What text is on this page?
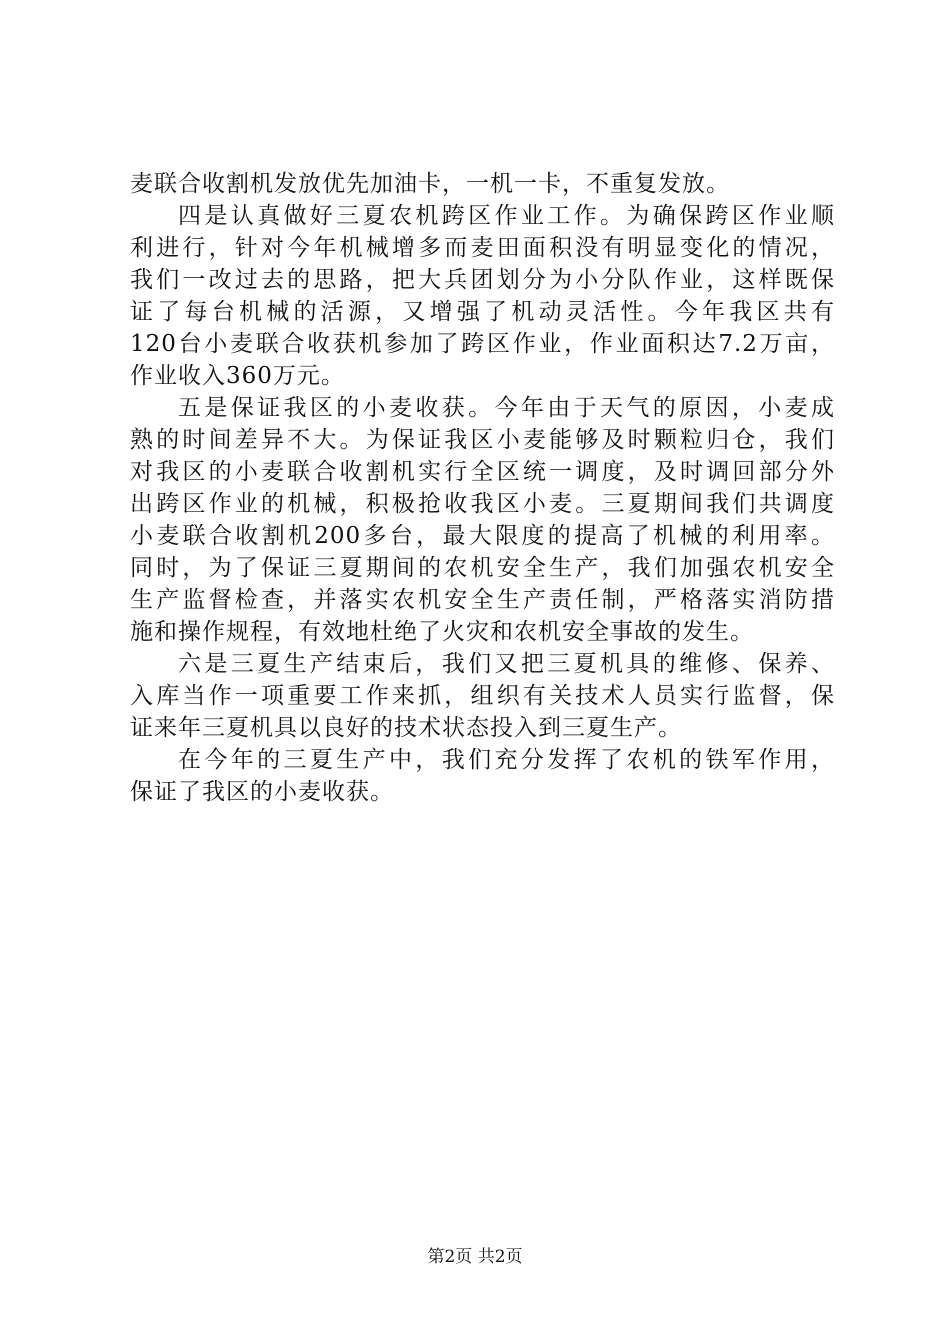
麦联合收割机发放优先加油卡，一机一卡，不重复发放。
四是认真做好三夏农机跨区作业工作。为确保跨区作业顺
利进行，针对今年机械增多而麦田面积没有明显变化的情况，
我们一改过去的思路，把大兵团划分为小分队作业，这样既保
证了每台机械的活源，又增强了机动灵活性。今年我区共有
120台小麦联合收获机参加了跨区作业，作业面积达7.2万亩，
作业收入360万元。
五是保证我区的小麦收获。今年由于天气的原因，小麦成
熟的时间差异不大。为保证我区小麦能够及时颗粒归仓，我们
对我区的小麦联合收割机实行全区统一调度，及时调回部分外
出跨区作业的机械，积极抢收我区小麦。三夏期间我们共调度
小麦联合收割机200多台，最大限度的提高了机械的利用率。
同时，为了保证三夏期间的农机安全生产，我们加强农机安全
生产监督检查，并落实农机安全生产责任制，严格落实消防措
施和操作规程，有效地杜绝了火灾和农机安全事故的发生。
六是三夏生产结束后，我们又把三夏机具的维修、保养、
入库当作一项重要工作来抓，组织有关技术人员实行监督，保
证来年三夏机具以良好的技术状态投入到三夏生产。
在今年的三夏生产中，我们充分发挥了农机的铁军作用，
保证了我区的小麦收获。
第2页 共2页
